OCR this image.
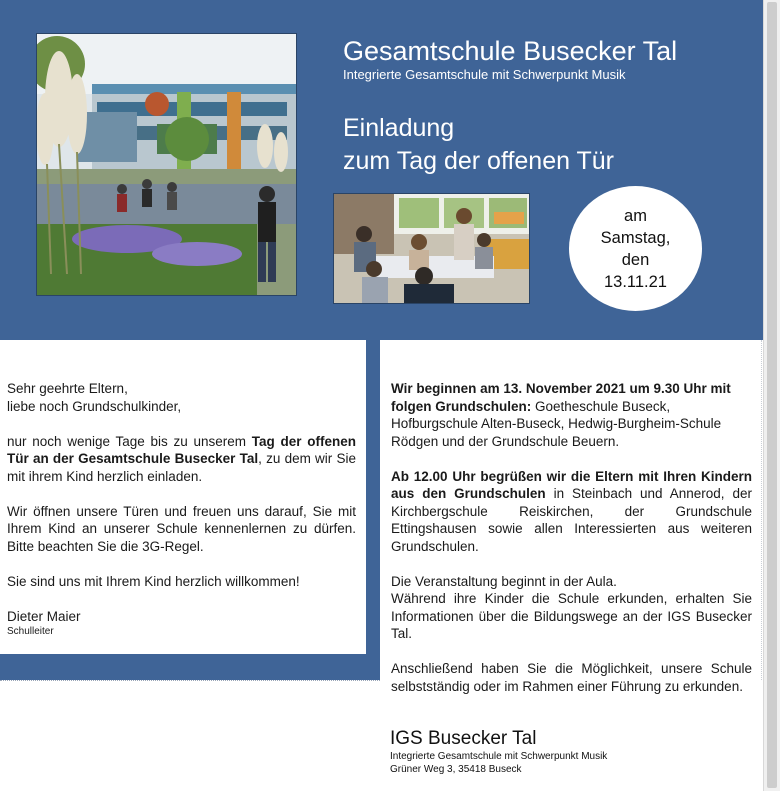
Gesamtschule Busecker Tal

Integrierte Gesamtschule mit Schwerpunkt Musik

Einladung
zum Tag der offenen Tür
am
Samstag,
den
13.11.21

Sehr geehrte Eltern,
liebe noch Grundschulkinder,

nur noch wenige Tage bis zu unserem Tag der offenen Tür an der Gesamtschule Busecker Tal, zu dem wir Sie mit ihrem Kind herzlich einladen.

Wir öffnen unsere Türen und freuen uns darauf, Sie mit Ihrem Kind an unserer Schule kennenlernen zu dürfen. Bitte beachten Sie die 3G-Regel.

Sie sind uns mit Ihrem Kind herzlich willkommen!

Dieter Maier
Schulleiter

Wir beginnen am 13. November 2021 um 9.30 Uhr mit folgen Grundschulen: Goetheschule Buseck, Hofburgschule Alten-Buseck, Hedwig-Burgheim-Schule Rödgen und der Grundschule Beuern.

Ab 12.00 Uhr begrüßen wir die Eltern mit Ihren Kindern aus den Grundschulen in Steinbach und Annerod, der Kirchbergschule Reiskirchen, der Grundschule Ettingshausen sowie allen Interessierten aus weiteren Grundschulen.

Die Veranstaltung beginnt in der Aula.
Während ihre Kinder die Schule erkunden, erhalten Sie Informationen über die Bildungswege an der IGS Busecker Tal.

Anschließend haben Sie die Möglichkeit, unsere Schule selbstständig oder im Rahmen einer Führung zu erkunden.

IGS Busecker Tal
Integrierte Gesamtschule mit Schwerpunkt Musik
Grüner Weg 3, 35418 Buseck
